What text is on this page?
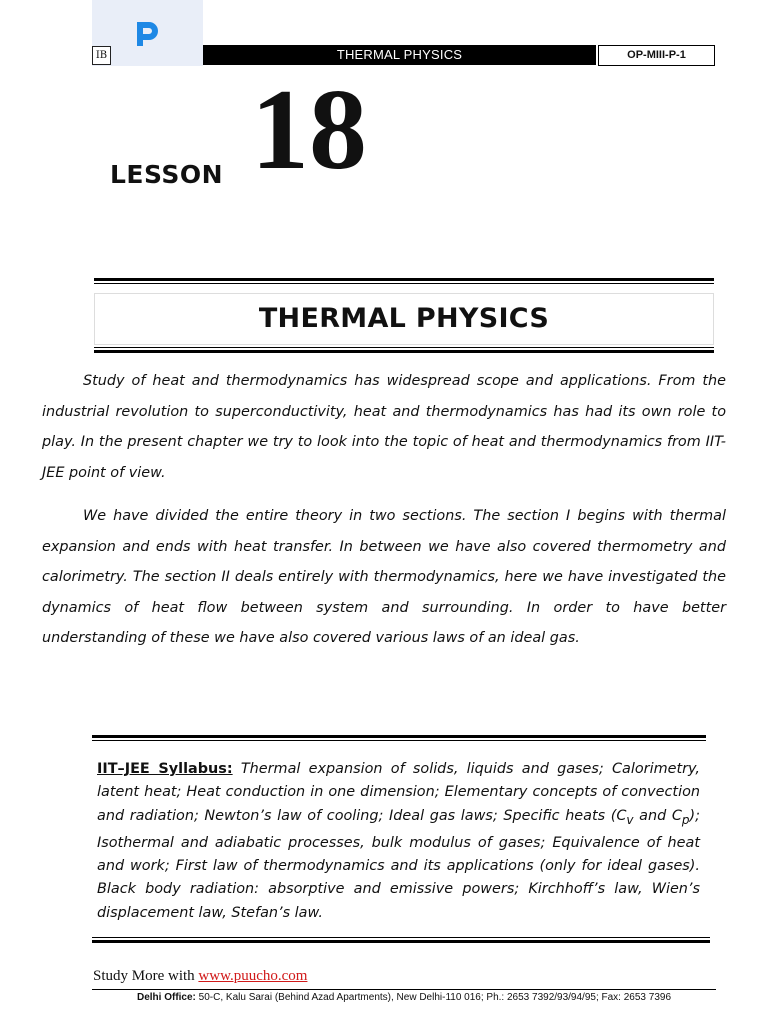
IB	THERMAL PHYSICS	OP-MIII-P-1
LESSON 18
THERMAL PHYSICS

Study of heat and thermodynamics has widespread scope and applications. From the industrial revolution to superconductivity, heat and thermodynamics has had its own role to play. In the present chapter we try to look into the topic of heat and thermodynamics from IIT-JEE point of view.

We have divided the entire theory in two sections. The section I begins with thermal expansion and ends with heat transfer. In between we have also covered thermometry and calorimetry. The section II deals entirely with thermodynamics, here we have investigated the dynamics of heat flow between system and surrounding. In order to have better understanding of these we have also covered various laws of an ideal gas.

IIT–JEE Syllabus: Thermal expansion of solids, liquids and gases; Calorimetry, latent heat; Heat conduction in one dimension; Elementary concepts of convection and radiation; Newton’s law of cooling; Ideal gas laws; Specific heats ($C_v$ and $C_p$); Isothermal and adiabatic processes, bulk modulus of gases; Equivalence of heat and work; First law of thermodynamics and its applications (only for ideal gases). Black body radiation: absorptive and emissive powers; Kirchhoff’s law, Wien’s displacement law, Stefan’s law.

Study More with www.puucho.com
Delhi Office: 50-C, Kalu Sarai (Behind Azad Apartments), New Delhi-110 016; Ph.: 2653 7392/93/94/95; Fax: 2653 7396
